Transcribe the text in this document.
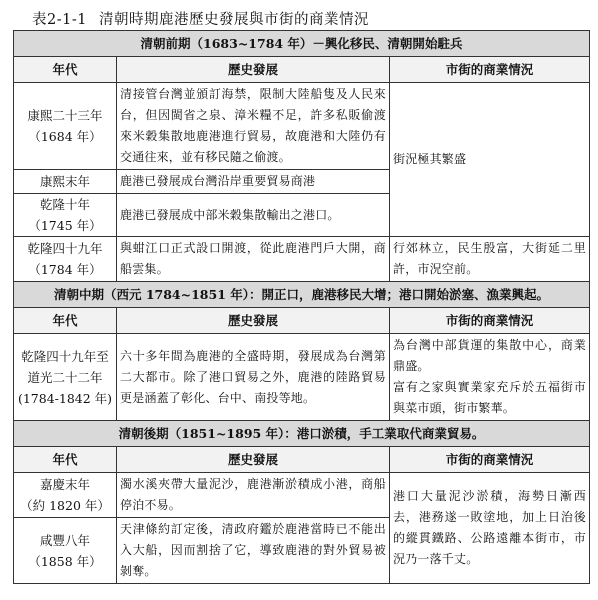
表2-1-1 清朝時期鹿港歷史發展與市街的商業情況
清朝前期（1683~1784 年）－興化移民、清朝開始駐兵		
年代	歷史發展	市街的商業情況

康熙二十三年
（1684 年）	清接管台灣並頒訂海禁，限制大陸船隻及人民來台，但因閩省之泉、漳米糧不足，許多私販偷渡來米穀集散地鹿港進行貿易，故鹿港和大陸仍有交通往來，並有移民隨之偷渡。	街況極其繁盛

康熙末年	鹿港已發展成台灣沿岸重要貿易商港	

乾隆十年
（1745 年）	鹿港已發展成中部米穀集散輸出之港口。	

乾隆四十九年
（1784 年）	與蚶江口正式設口開渡，從此鹿港門戶大開，商船雲集。	行郊林立，民生殷富，大街延二里許，市況空前。
清朝中期（西元 1784~1851 年）：開正口，鹿港移民大增；港口開始淤塞、漁業興起。		
年代	歷史發展	市街的商業情況

乾隆四十九年至
道光二十二年
(1784-1842 年)	六十多年間為鹿港的全盛時期，發展成為台灣第二大都市。除了港口貿易之外，鹿港的陸路貿易更是涵蓋了彰化、台中、南投等地。	為台灣中部貨運的集散中心，商業鼎盛。
富有之家與實業家充斥於五福街市與菜市頭，街市繁華。

清朝後期（1851~1895 年）：港口淤積，手工業取代商業貿易。		
年代	歷史發展	市街的商業情況

嘉慶末年
（約 1820 年）	濁水溪夾帶大量泥沙，鹿港漸淤積成小港，商船停泊不易。	港口大量泥沙淤積，海勢日漸西去，港務遂一敗塗地，加上日治後的縱貫鐵路、公路遠離本街市，市況乃一落千丈。

咸豐八年
（1858 年）	天津條約訂定後，清政府鑑於鹿港當時已不能出入大船，因而割捨了它，導致鹿港的對外貿易被剝奪。	
